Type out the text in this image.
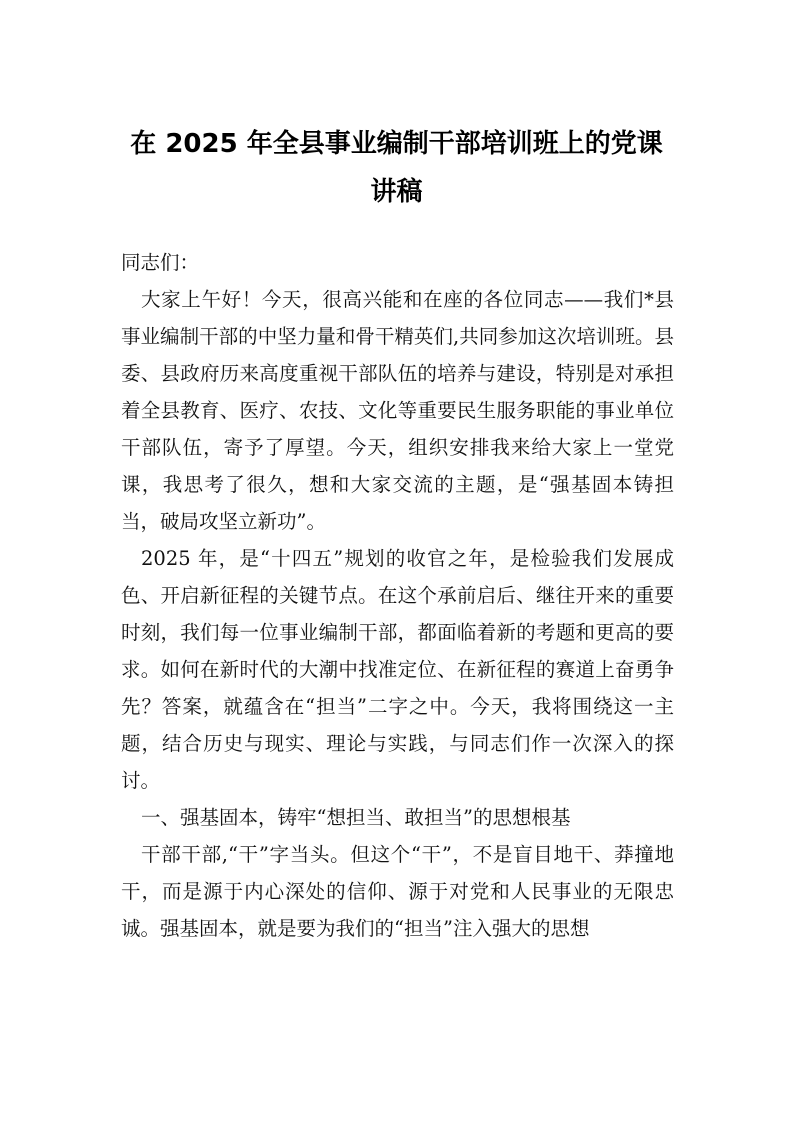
在 2025 年全县事业编制干部培训班上的党课讲稿

同志们：

大家上午好！今天，很高兴能和在座的各位同志——我们*县事业编制干部的中坚力量和骨干精英们,共同参加这次培训班。县委、县政府历来高度重视干部队伍的培养与建设，特别是对承担着全县教育、医疗、农技、文化等重要民生服务职能的事业单位干部队伍，寄予了厚望。今天，组织安排我来给大家上一堂党课，我思考了很久，想和大家交流的主题，是“强基固本铸担当，破局攻坚立新功”。

2025 年，是“十四五”规划的收官之年，是检验我们发展成色、开启新征程的关键节点。在这个承前启后、继往开来的重要时刻，我们每一位事业编制干部，都面临着新的考题和更高的要求。如何在新时代的大潮中找准定位、在新征程的赛道上奋勇争先？答案，就蕴含在“担当”二字之中。今天，我将围绕这一主题，结合历史与现实、理论与实践，与同志们作一次深入的探讨。

一、强基固本，铸牢“想担当、敢担当”的思想根基

干部干部,“干”字当头。但这个“干”，不是盲目地干、莽撞地干，而是源于内心深处的信仰、源于对党和人民事业的无限忠诚。强基固本，就是要为我们的“担当”注入强大的思想
